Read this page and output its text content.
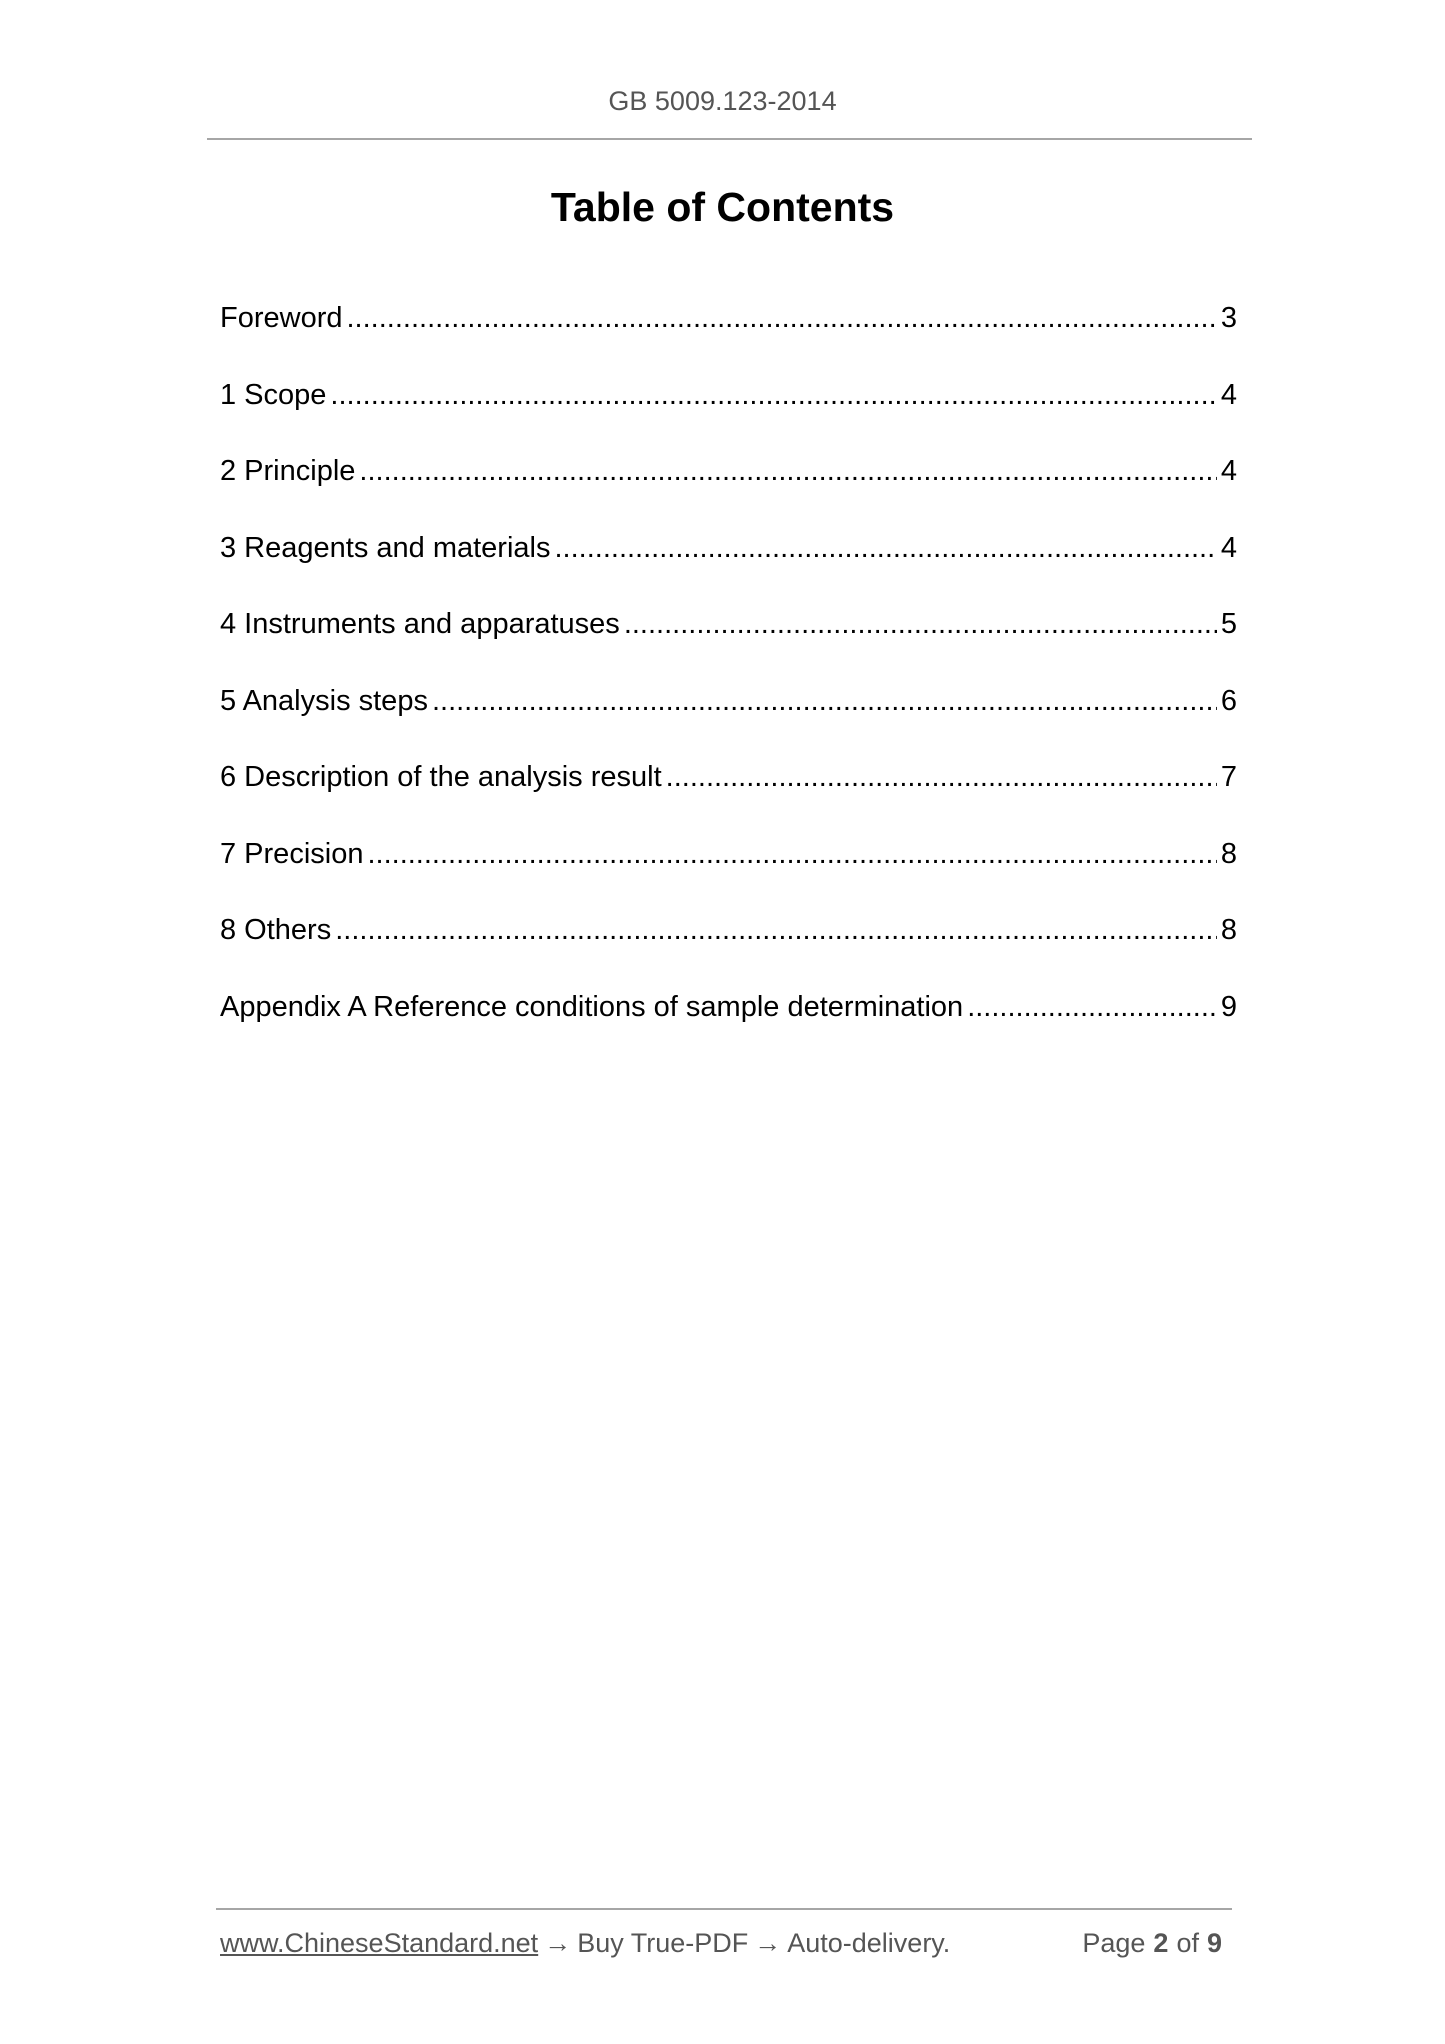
GB 5009.123-2014
Table of Contents
Foreword .....	3
1 Scope .....	4
2 Principle .....	4
3 Reagents and materials .....	4
4 Instruments and apparatuses .....	5
5 Analysis steps .....	6
6 Description of the analysis result .....	7
7 Precision .....	8
8 Others .....	8
Appendix A Reference conditions of sample determination .....	9
www.ChineseStandard.net → Buy True-PDF → Auto-delivery.	Page 2 of 9
